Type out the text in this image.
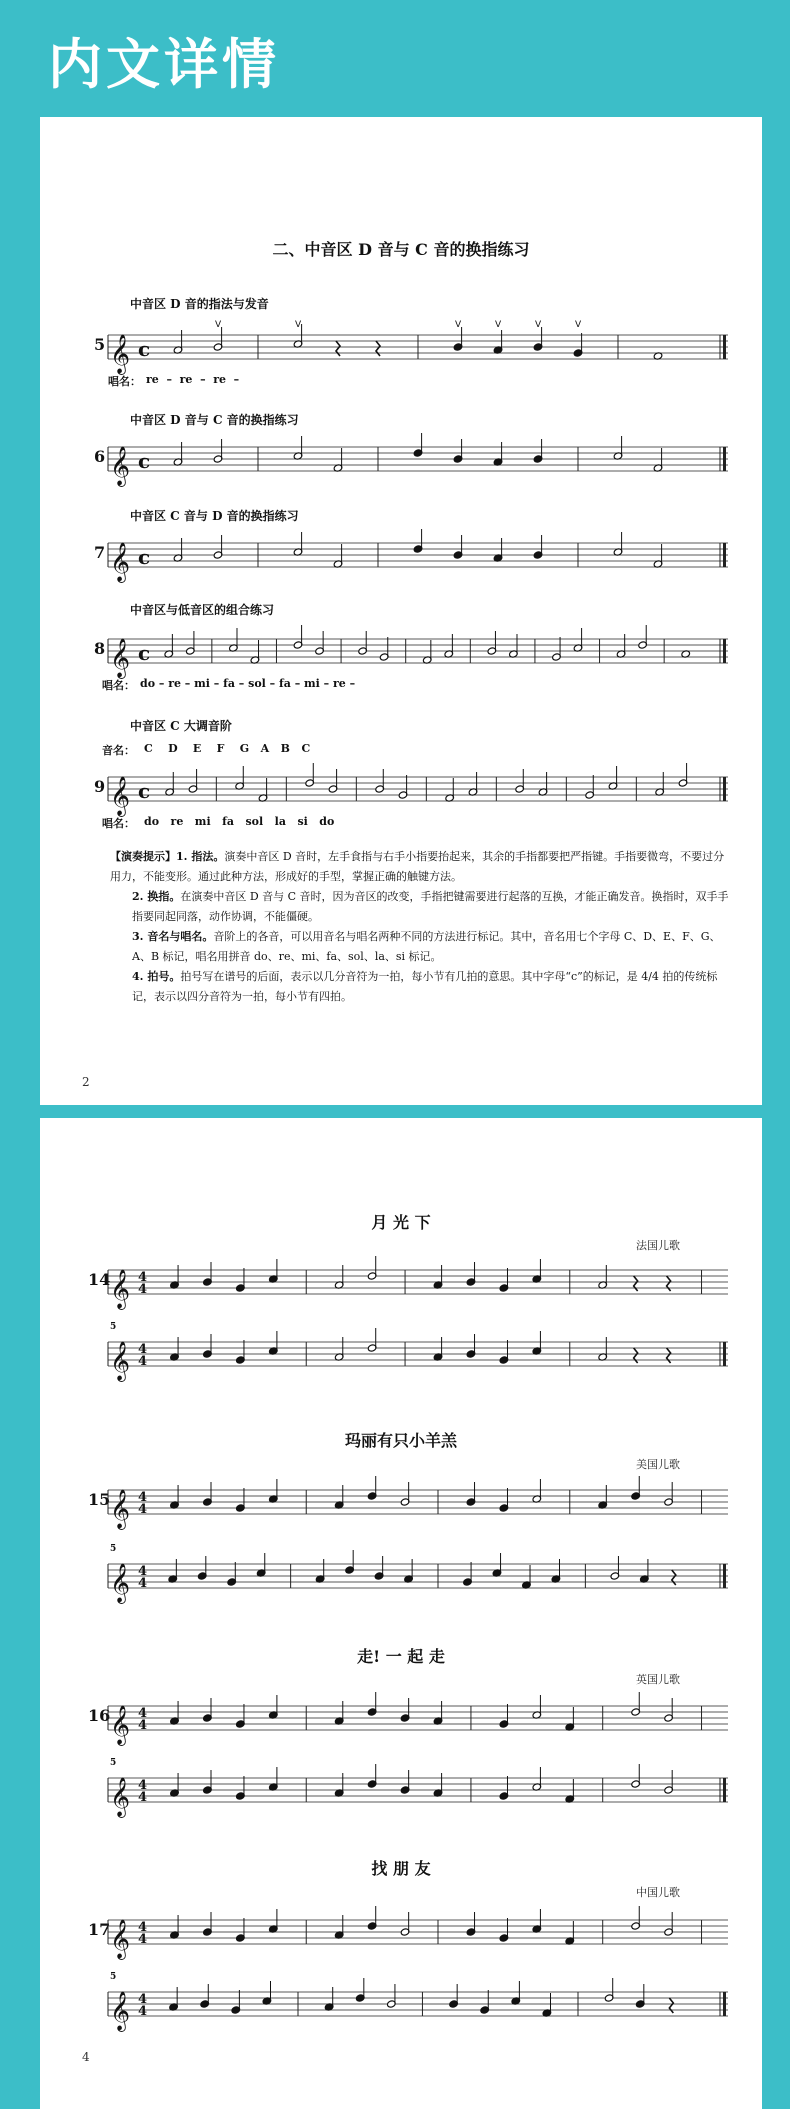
内文详情
二、中音区 D 音与 C 音的换指练习
中音区 D 音的指法与发音
5 𝄞 c
V	V	V	V	V	V
唱名： re  –  re  –  re  –
中音区 D 音与 C 音的换指练习
6 𝄞 c
中音区 C 音与 D 音的换指练习
7 𝄞 c
中音区与低音区的组合练习
8 𝄞 c
唱名： do – re – mi – fa – sol – fa – mi – re –
中音区 C 大调音阶
音名： C    D    E    F    G   A   B   C
9 𝄞 c
唱名： do   re   mi   fa   sol   la   si   do

【演奏提示】1. 指法。演奏中音区 D 音时，左手食指与右手小指要抬起来，其余的手指都要把严指键。手指要微弯，不要过分用力，不能变形。通过此种方法，形成好的手型，掌握正确的触键方法。

2. 换指。在演奏中音区 D 音与 C 音时，因为音区的改变，手指把键需要进行起落的互换，才能正确发音。换指时，双手手指要同起同落，动作协调，不能僵硬。

3. 音名与唱名。音阶上的各音，可以用音名与唱名两种不同的方法进行标记。其中，音名用七个字母 C、D、E、F、G、A、B 标记，唱名用拼音 do、re、mi、fa、sol、la、si 标记。

4. 拍号。拍号写在谱号的后面，表示以几分音符为一拍，每小节有几拍的意思。其中字母“c”的标记，是 4/4 拍的传统标记，表示以四分音符为一拍，每小节有四拍。

2
月 光 下
法国儿歌
14 𝄞 4
4
5
𝄞 4
4
玛丽有只小羊羔
美国儿歌
15 𝄞 4
4
5
𝄞 4
4
走! 一 起 走
英国儿歌
16 𝄞 4
4
5
𝄞 4
4
找 朋 友
中国儿歌
17 𝄞 4
4
5
𝄞 4
4
4
